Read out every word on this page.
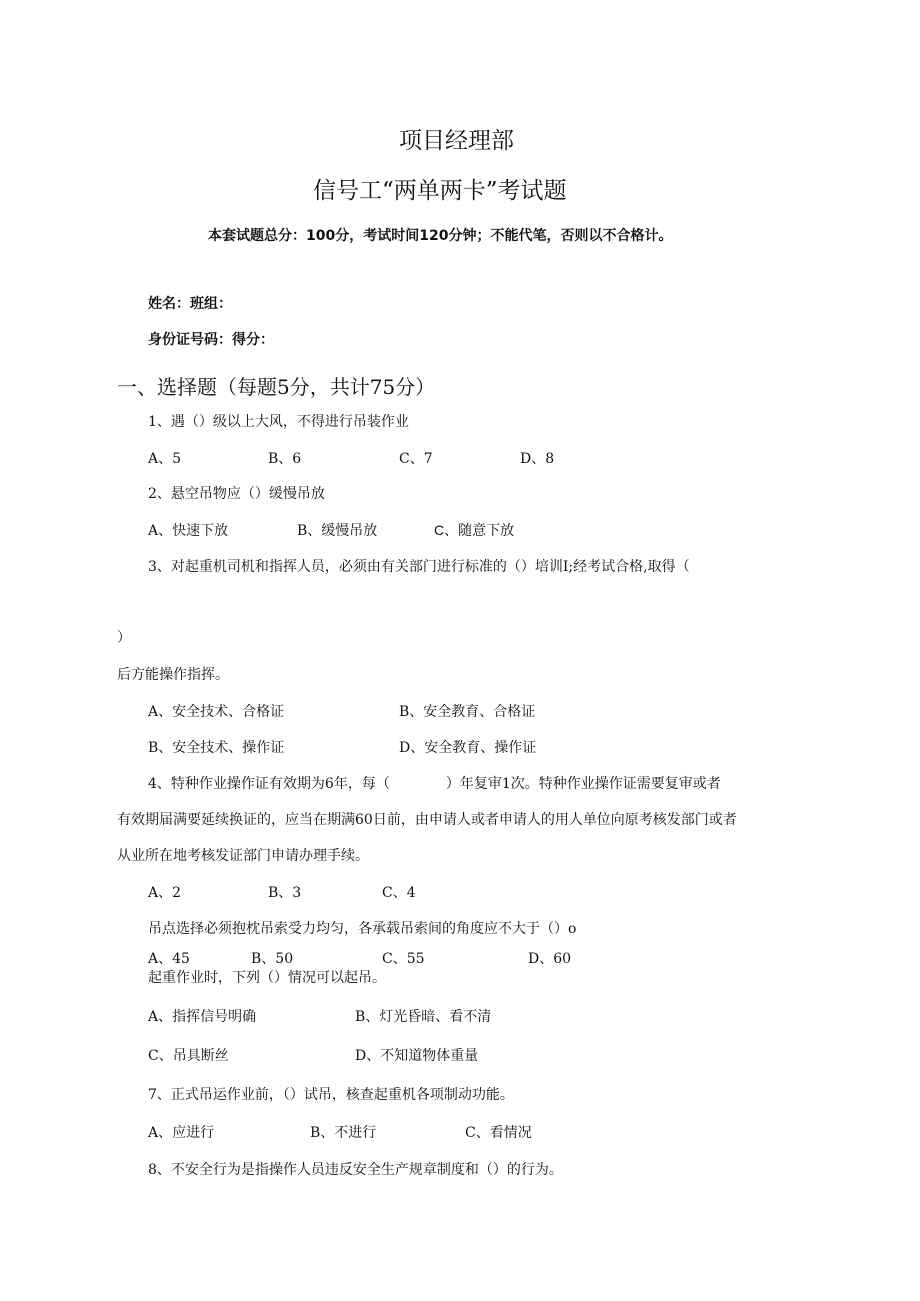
项目经理部
信号工“两单两卡”考试题
本套试题总分：100分，考试时间120分钟；不能代笔，否则以不合格计。
姓名：班组：
身份证号码：得分：
一、选择题（每题5分，共计75分）
1、遇（）级以上大风，不得进行吊装作业
A、5	B、6	C、7	D、8
2、悬空吊物应（）缓慢吊放
A、快速下放	B、缓慢吊放	C、随意下放
3、对起重机司机和指挥人员，必须由有关部门进行标准的（）培训I;经考试合格,取得（
）
后方能操作指挥。
A、安全技术、合格证	B、安全教育、合格证
B、安全技术、操作证	D、安全教育、操作证
4、特种作业操作证有效期为6年，每（　　　　）年复审1次。特种作业操作证需要复审或者
有效期届满要延续换证的，应当在期满60日前，由申请人或者申请人的用人单位向原考核发部门或者
从业所在地考核发证部门申请办理手续。
A、2	B、3	C、4
吊点选择必须抱枕吊索受力均匀，各承载吊索间的角度应不大于（）o
A、45	B、50	C、55	D、60
起重作业时，下列（）情况可以起吊。
A、指挥信号明确	B、灯光昏暗、看不清
C、吊具断丝	D、不知道物体重量
7、正式吊运作业前，（）试吊，核查起重机各项制动功能。
A、应进行	B、不进行	C、看情况
8、不安全行为是指操作人员违反安全生产规章制度和（）的行为。
